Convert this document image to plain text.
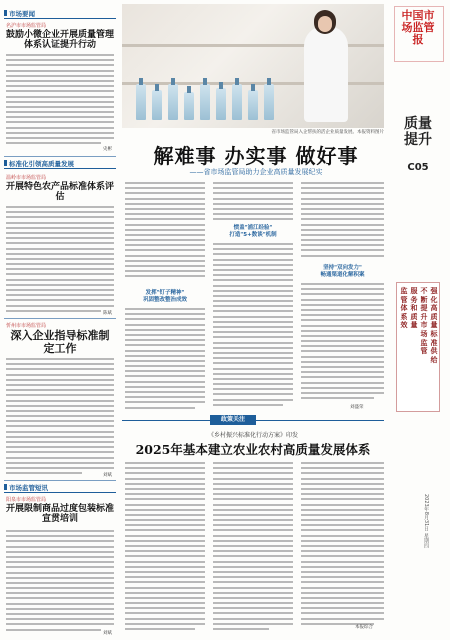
市场要闻
名沪市市场监管局
鼓励小微企业开展质量管理体系认证提升行动
史彬
标准化引领高质量发展
温岭市市场监管局
开展特色农产品标准体系评估
陈斌
忻州市市场监管局
深入企业指导标准制定工作
刘斌
市场监管短讯
阳泉市市场监管局
开展限制商品过度包装标准宣贯培训
刘斌
省市场监管局入企帮扶的活企业质量发展。本报资料图片
解难事 办实事 做好事
——省市场监管局助力企业高质量发展纪实
发挥"钉子精神"
巩固整改整治成效
惯盖"浦江经验"
打造"5+数谈"机制
坚持"双向发力"
畅通渠道化解积案
刘盛荣
政策关注
《乡村振兴标准化行动方案》印发
2025年基本建立农业农村高质量发展体系
本报综合
中国市场监管报
质量提升
C05
强化高质量标准供给
不断提升市场监管
服务和质量
监管体系效
2023年8月31日 星期四
